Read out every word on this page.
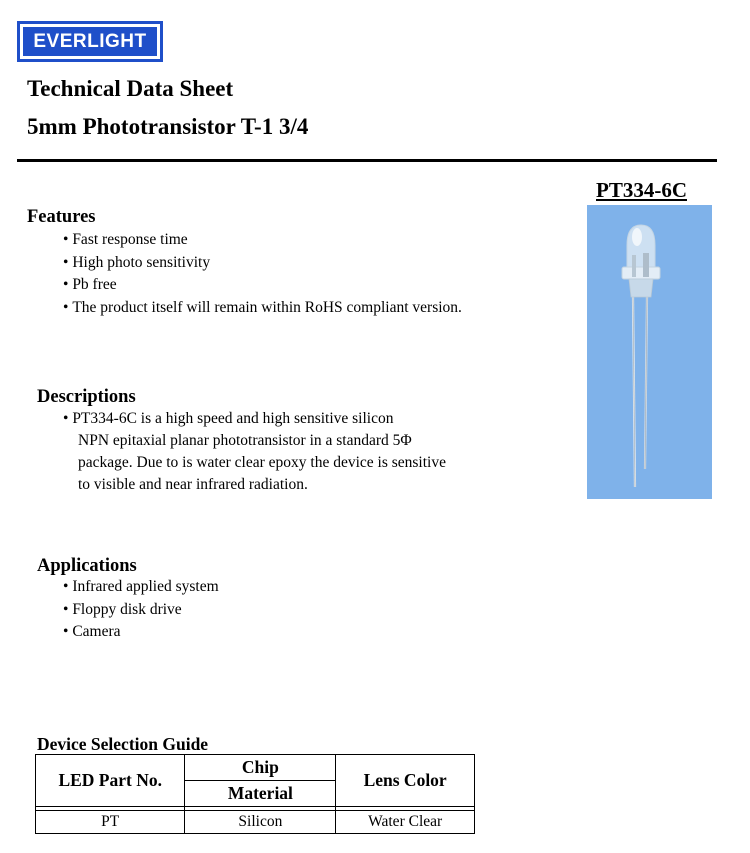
EVERLIGHT
Technical Data Sheet
5mm Phototransistor T-1 3/4
PT334-6C
Features
• Fast response time
• High photo sensitivity
• Pb free
• The product itself will remain within RoHS compliant version.
Descriptions
• PT334-6C is a high speed and high sensitive silicon
NPN epitaxial planar phototransistor in a standard 5Φ
package. Due to is water clear epoxy the device is sensitive
to visible and near infrared radiation.
Applications
• Infrared applied system
• Floppy disk drive
• Camera
Device Selection Guide
LED Part No.	Chip	Lens Color
	Material	

PT	Silicon	Water Clear
